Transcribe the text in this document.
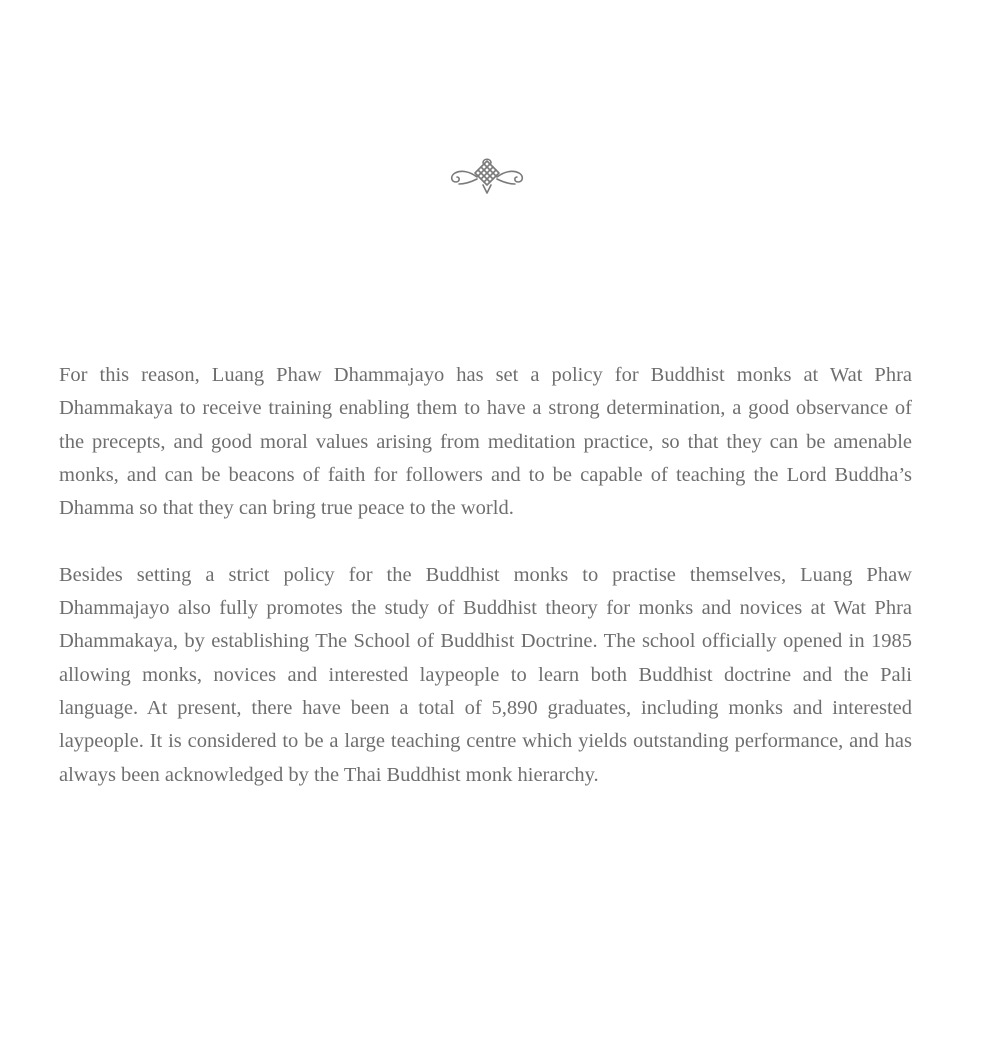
For this reason, Luang Phaw Dhammajayo has set a policy for Buddhist monks at Wat Phra Dhammakaya to receive training enabling them to have a strong determination, a good observance of the precepts, and good moral values arising from meditation practice, so that they can be amenable monks, and can be beacons of faith for followers and to be capable of teaching the Lord Buddha’s Dhamma so that they can bring true peace to the world.

Besides setting a strict policy for the Buddhist monks to practise themselves, Luang Phaw Dhammajayo also fully promotes the study of Buddhist theory for monks and novices at Wat Phra Dhammakaya, by establishing The School of Buddhist Doctrine. The school officially opened in 1985 allowing monks, novices and interested laypeople to learn both Buddhist doctrine and the Pali language. At present, there have been a total of 5,890 graduates, including monks and interested laypeople. It is considered to be a large teaching centre which yields outstanding performance, and has always been acknowledged by the Thai Buddhist monk hierarchy.
